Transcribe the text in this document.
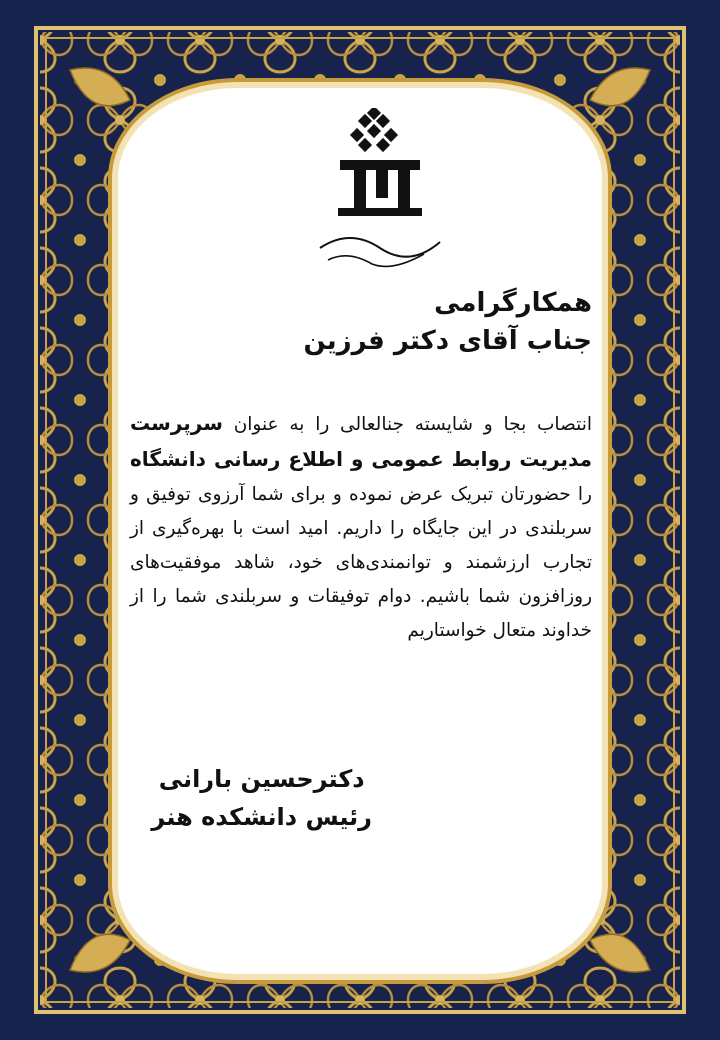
همکارگرامی
جناب آقای دکتر فرزین
انتصاب بجا و شایسته جنالعالی را به عنوان سرپرست مدیریت روابط عمومی و اطلاع رسانی دانشگاه را حضورتان تبریک عرض نموده و برای شما آرزوی توفیق و سربلندی در این جایگاه را داریم. امید است با بهره‌گیری از تجارب ارزشمند و توانمندی‌های خود، شاهد موفقیت‌های روزافزون شما باشیم. دوام توفیقات و سربلندی شما را از خداوند متعال خواستاریم
دکترحسین بارانی
رئیس دانشکده هنر
